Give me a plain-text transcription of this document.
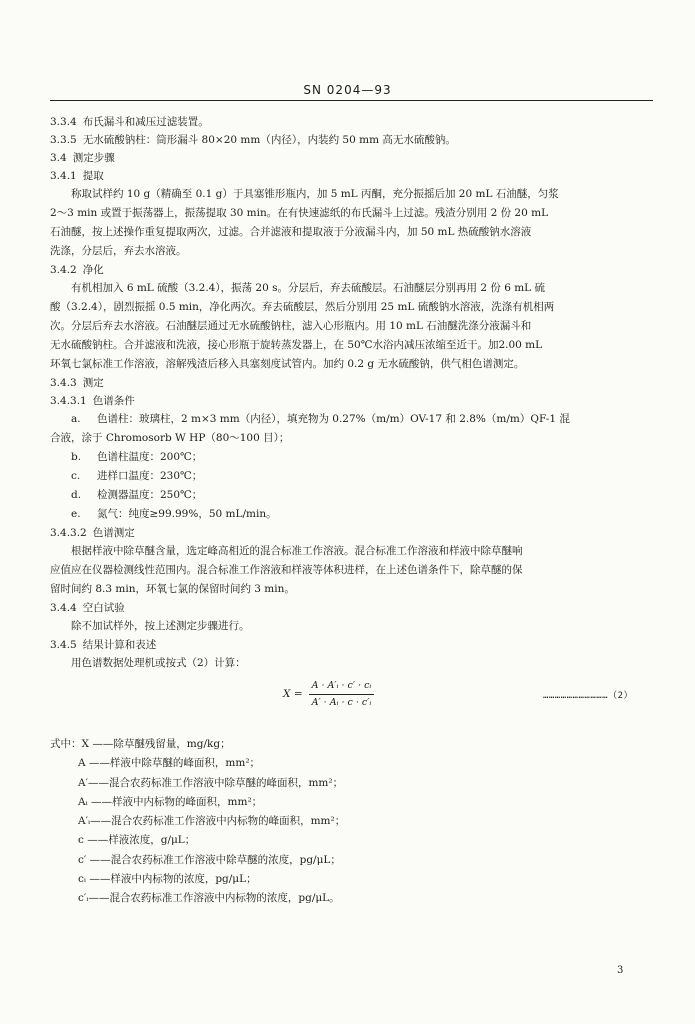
SN 0204—93

3.3.4 布氏漏斗和减压过滤装置。

3.3.5 无水硫酸钠柱：筒形漏斗 80×20 mm（内径），内装约 50 mm 高无水硫酸钠。

3.4 测定步骤

3.4.1 提取

称取试样约 10 g（精确至 0.1 g）于具塞锥形瓶内，加 5 mL 丙酮，充分振摇后加 20 mL 石油醚，匀浆

2～3 min 或置于振荡器上，振荡提取 30 min。在有快速滤纸的布氏漏斗上过滤。残渣分别用 2 份 20 mL

石油醚，按上述操作重复提取两次，过滤。合并滤液和提取液于分液漏斗内，加 50 mL 热硫酸钠水溶液

洗涤，分层后，弃去水溶液。

3.4.2 净化

有机相加入 6 mL 硫酸（3.2.4），振荡 20 s。分层后，弃去硫酸层。石油醚层分别再用 2 份 6 mL 硫

酸（3.2.4），剧烈振摇 0.5 min，净化两次。弃去硫酸层，然后分别用 25 mL 硫酸钠水溶液，洗涤有机相两

次。分层后弃去水溶液。石油醚层通过无水硫酸钠柱，滤入心形瓶内。用 10 mL 石油醚洗涤分液漏斗和

无水硫酸钠柱。合并滤液和洗液，接心形瓶于旋转蒸发器上，在 50℃水浴内减压浓缩至近干。加2.00 mL

环氧七氯标准工作溶液，溶解残渣后移入具塞刻度试管内。加约 0.2 g 无水硫酸钠，供气相色谱测定。

3.4.3 测定

3.4.3.1 色谱条件

a. 色谱柱：玻璃柱，2 m×3 mm（内径），填充物为 0.27%（m/m）OV-17 和 2.8%（m/m）QF-1 混

合液，涂于 Chromosorb W HP（80～100 目）；

b. 色谱柱温度：200℃；

c. 进样口温度：230℃；

d. 检测器温度：250℃；

e. 氮气：纯度≥99.99%，50 mL/min。

3.4.3.2 色谱测定

根据样液中除草醚含量，选定峰高相近的混合标准工作溶液。混合标准工作溶液和样液中除草醚响

应值应在仪器检测线性范围内。混合标准工作溶液和样液等体积进样，在上述色谱条件下，除草醚的保

留时间约 8.3 min，环氧七氯的保留时间约 3 min。

3.4.4 空白试验

除不加试样外，按上述测定步骤进行。

3.4.5 结果计算和表述

用色谱数据处理机或按式（2）计算：

$X = \frac{\text{A · A′ᵢ · c′ · cᵢ}}{\text{A′ · Aᵢ · c · c′ᵢ}}$	……………………………（2）

式中：X ——除草醚残留量，mg/kg；

A ——样液中除草醚的峰面积，mm²；

A′——混合农药标准工作溶液中除草醚的峰面积，mm²；

Aᵢ ——样液中内标物的峰面积，mm²；

A′ᵢ——混合农药标准工作溶液中内标物的峰面积，mm²；

c ——样液浓度，g/μL；

c′ ——混合农药标准工作溶液中除草醚的浓度，pg/μL；

cᵢ ——样液中内标物的浓度，pg/μL；

c′ᵢ——混合农药标准工作溶液中内标物的浓度，pg/μL。

3
